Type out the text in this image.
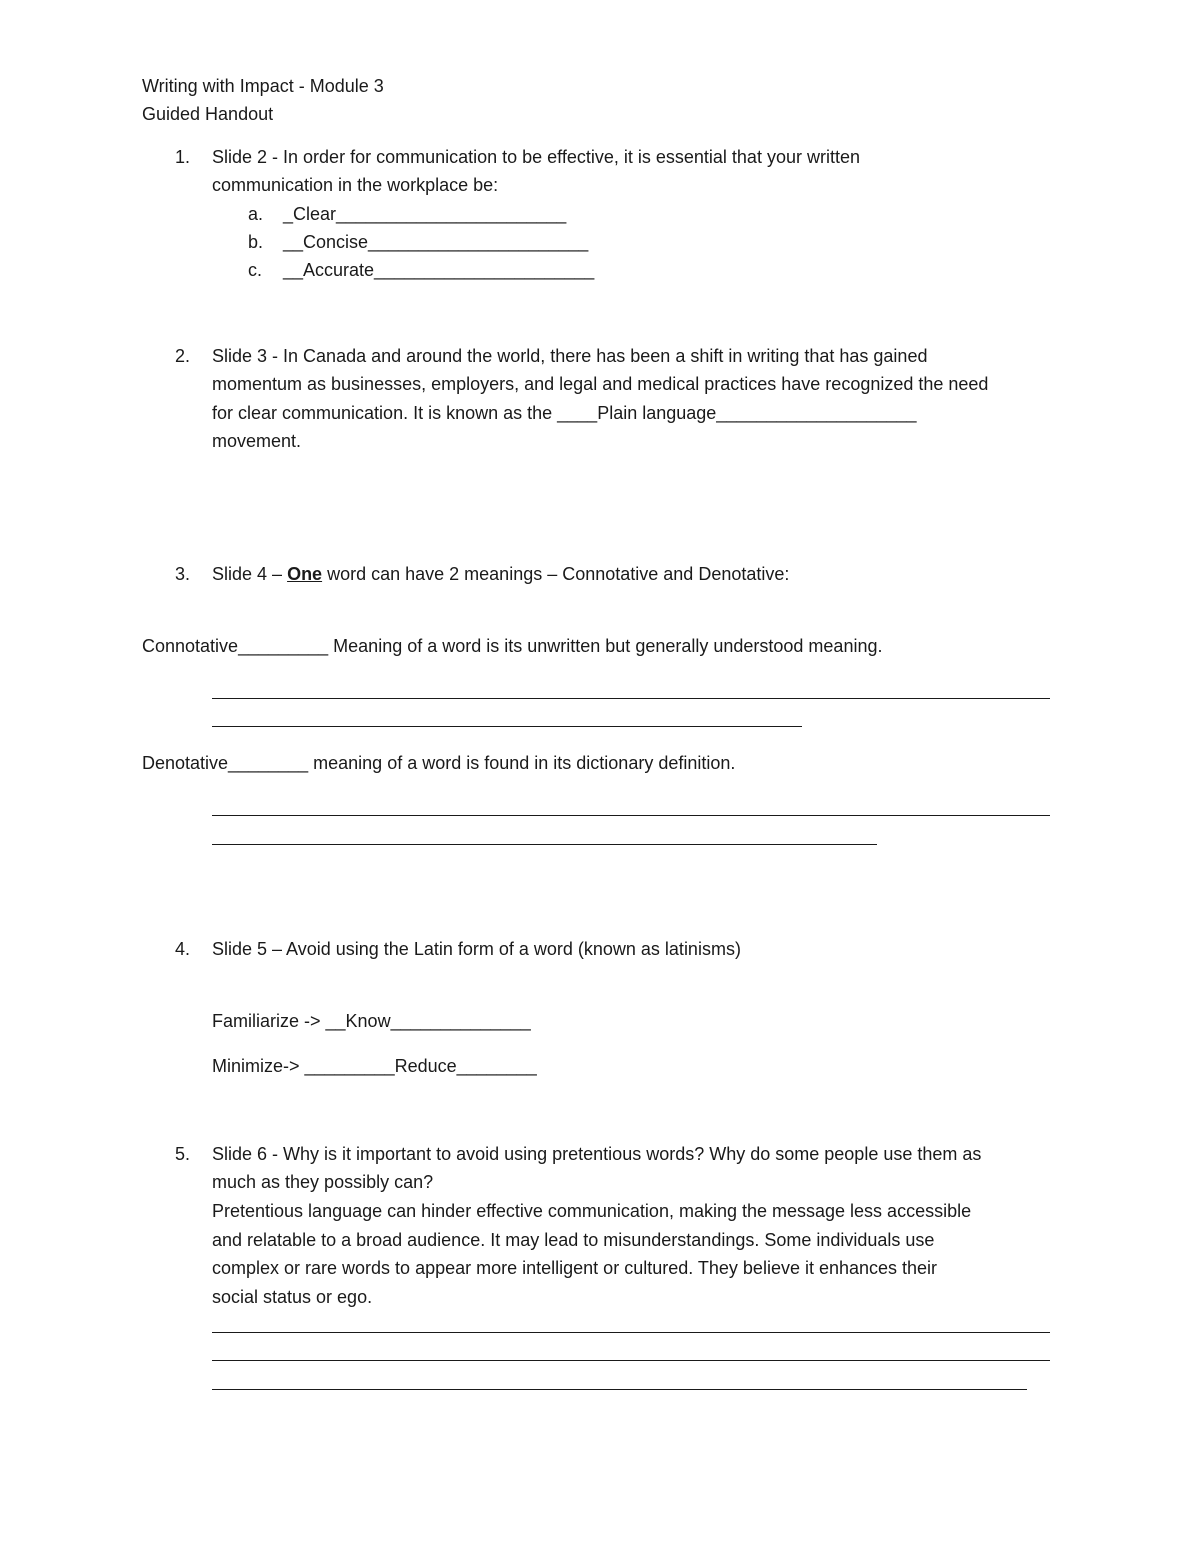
Writing with Impact - Module 3
Guided Handout
1. Slide 2 - In order for communication to be effective, it is essential that your written
communication in the workplace be:
a. _Clear_______________________
b. __Concise______________________
c. __Accurate______________________
2. Slide 3 - In Canada and around the world, there has been a shift in writing that has gained
momentum as businesses, employers, and legal and medical practices have recognized the need
for clear communication. It is known as the ____Plain language____________________
movement.
3. Slide 4 – One word can have 2 meanings – Connotative and Denotative:
Connotative_________ Meaning of a word is its unwritten but generally understood meaning.
Denotative________ meaning of a word is found in its dictionary definition.
4. Slide 5 – Avoid using the Latin form of a word (known as latinisms)
Familiarize -> __Know______________
Minimize-> _________Reduce________
5. Slide 6 - Why is it important to avoid using pretentious words? Why do some people use them as
much as they possibly can?
Pretentious language can hinder effective communication, making the message less accessible
and relatable to a broad audience. It may lead to misunderstandings. Some individuals use
complex or rare words to appear more intelligent or cultured. They believe it enhances their
social status or ego.
